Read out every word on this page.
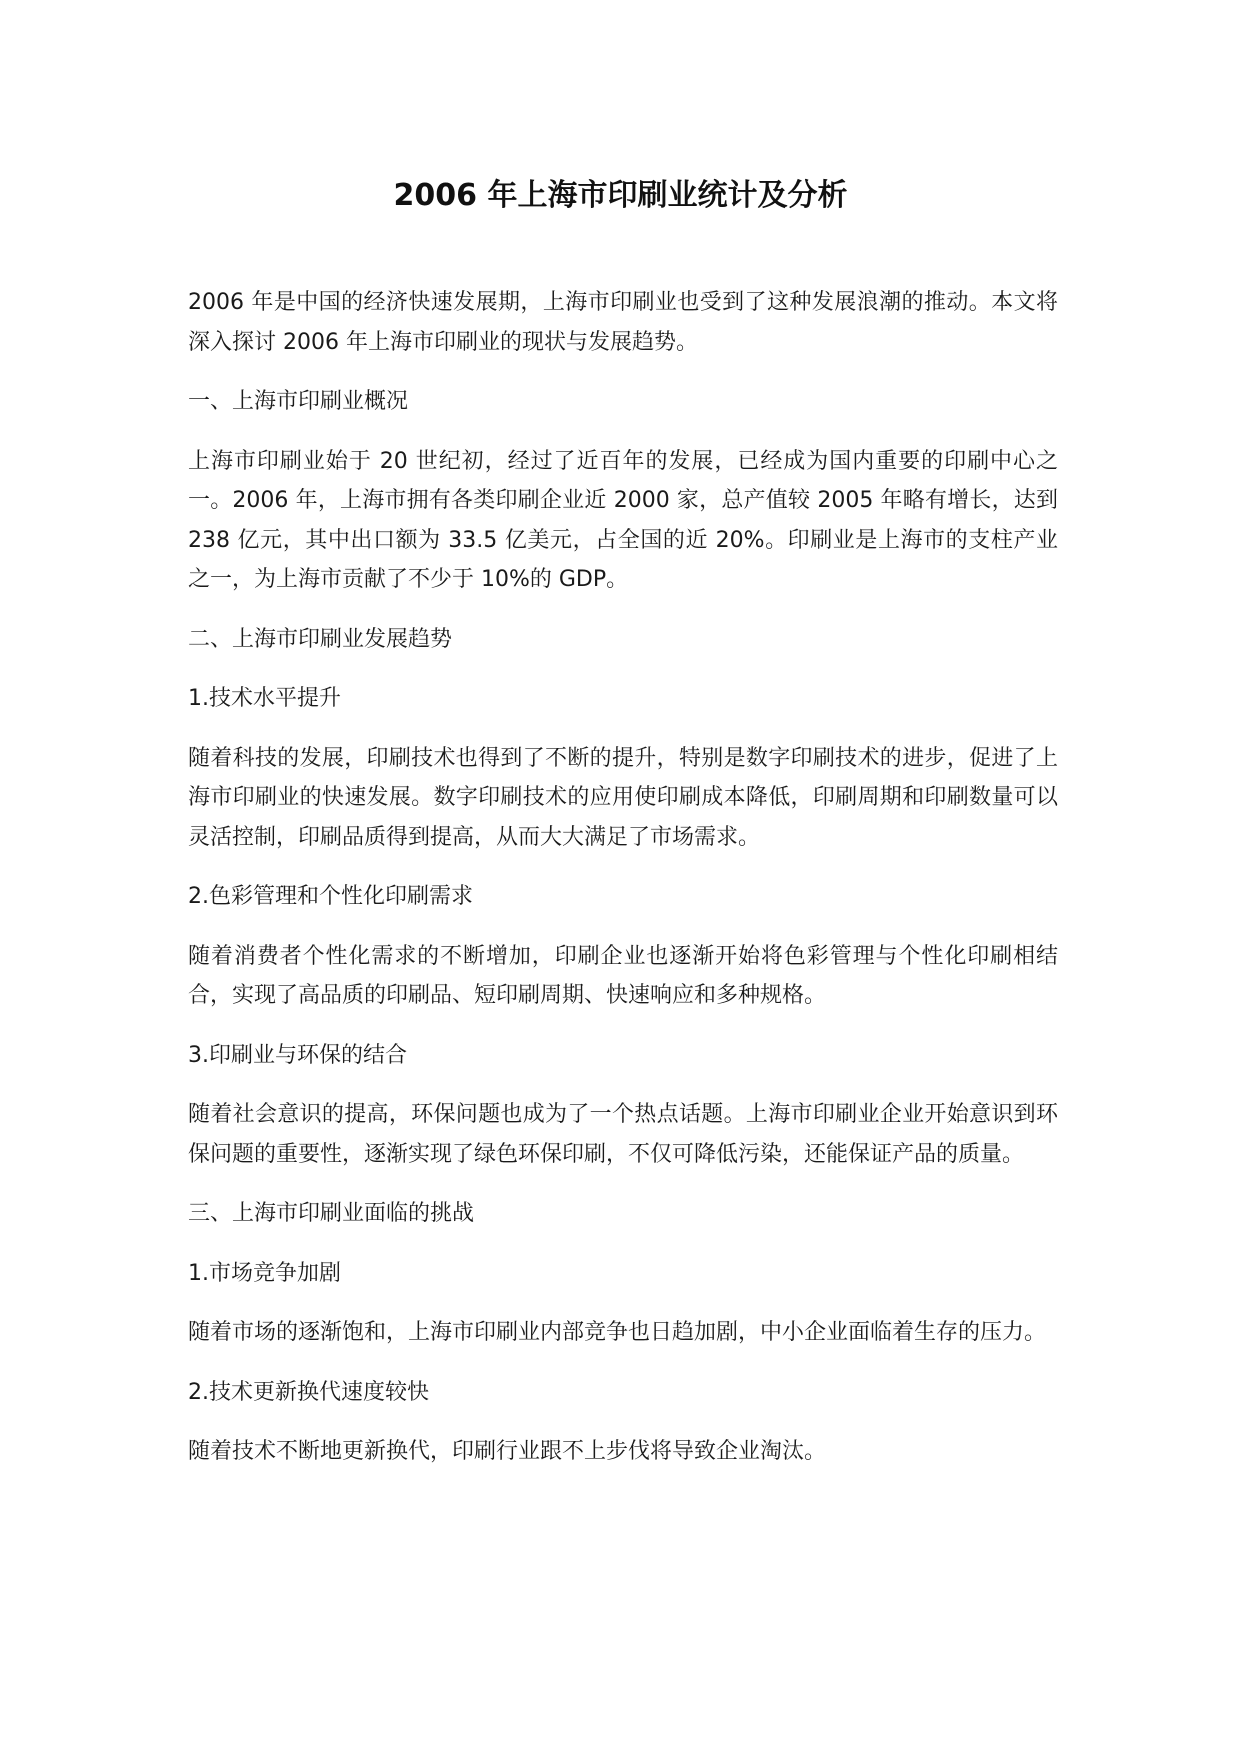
2006 年上海市印刷业统计及分析

2006 年是中国的经济快速发展期，上海市印刷业也受到了这种发展浪潮的推动。本文将深入探讨 2006 年上海市印刷业的现状与发展趋势。

一、上海市印刷业概况

上海市印刷业始于 20 世纪初，经过了近百年的发展，已经成为国内重要的印刷中心之一。2006 年，上海市拥有各类印刷企业近 2000 家，总产值较 2005 年略有增长，达到 238 亿元，其中出口额为 33.5 亿美元，占全国的近 20%。印刷业是上海市的支柱产业之一，为上海市贡献了不少于 10%的 GDP。

二、上海市印刷业发展趋势

1.技术水平提升

随着科技的发展，印刷技术也得到了不断的提升，特别是数字印刷技术的进步，促进了上海市印刷业的快速发展。数字印刷技术的应用使印刷成本降低，印刷周期和印刷数量可以灵活控制，印刷品质得到提高，从而大大满足了市场需求。

2.色彩管理和个性化印刷需求

随着消费者个性化需求的不断增加，印刷企业也逐渐开始将色彩管理与个性化印刷相结合，实现了高品质的印刷品、短印刷周期、快速响应和多种规格。

3.印刷业与环保的结合

随着社会意识的提高，环保问题也成为了一个热点话题。上海市印刷业企业开始意识到环保问题的重要性，逐渐实现了绿色环保印刷，不仅可降低污染，还能保证产品的质量。

三、上海市印刷业面临的挑战

1.市场竞争加剧

随着市场的逐渐饱和，上海市印刷业内部竞争也日趋加剧，中小企业面临着生存的压力。

2.技术更新换代速度较快

随着技术不断地更新换代，印刷行业跟不上步伐将导致企业淘汰。
